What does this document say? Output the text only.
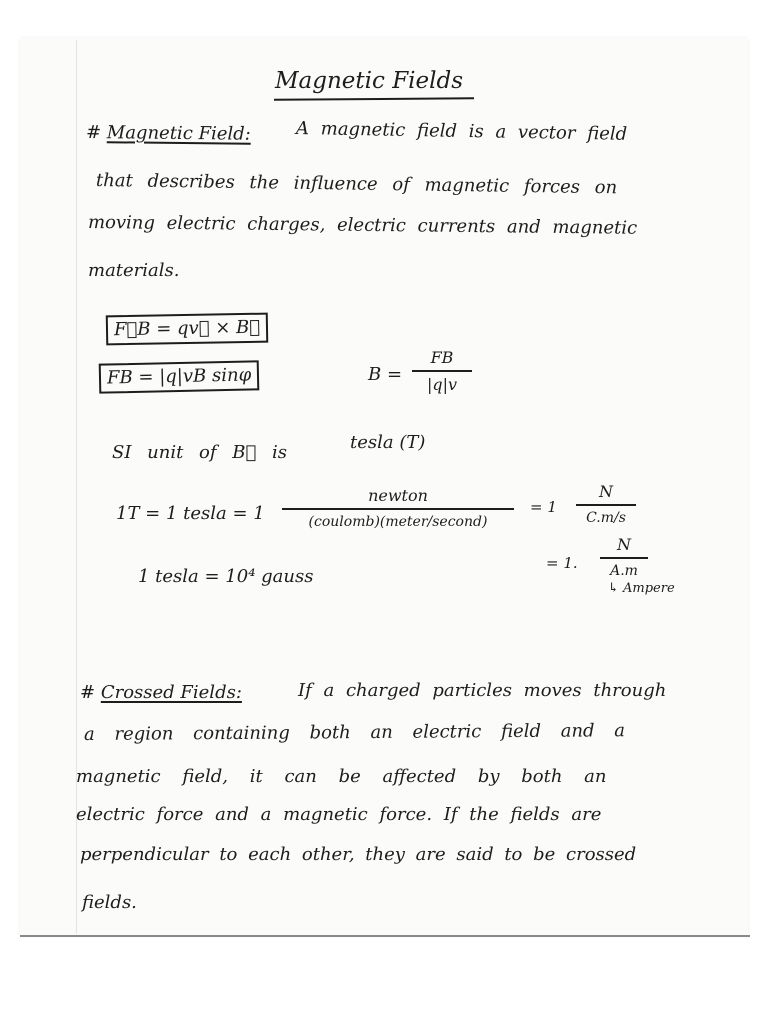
Magnetic Fields
# Magnetic Field: A magnetic field is a vector field
that describes the influence of magnetic forces on
moving electric charges, electric currents and magnetic
materials.
F⃗B = qv⃗ × B⃗
FB = |q|vB sinφ	B =
FB
|q|v
SI unit of B⃗ is	tesla (T)
1T = 1 tesla = 1
newton
(coulomb)(meter/second)
= 1
N
C.m/s
= 1.
N
A.m
↳ Ampere
1 tesla = 10⁴ gauss
# Crossed Fields:	If a charged particles moves through
a region containing both an electric field and a
magnetic field, it can be affected by both an
electric force and a magnetic force. If the fields are
perpendicular to each other, they are said to be crossed
fields.
